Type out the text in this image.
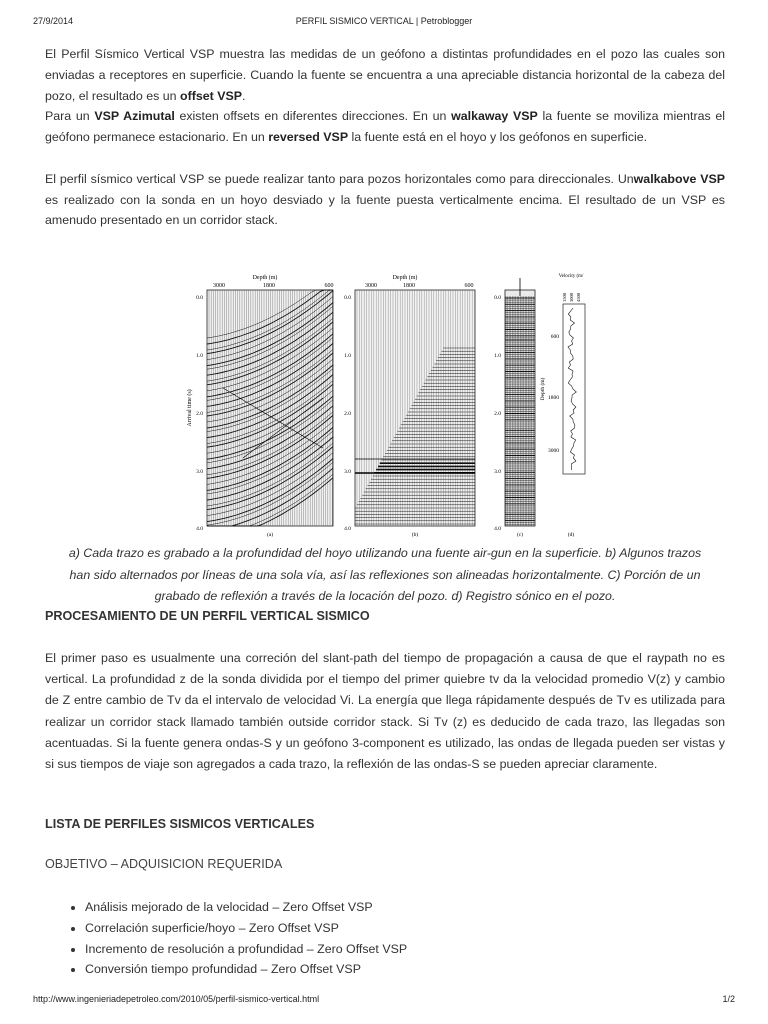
27/9/2014	PERFIL SISMICO VERTICAL | Petroblogger

El Perfil Sísmico Vertical VSP muestra las medidas de un geófono a distintas profundidades en el pozo las cuales son enviadas a receptores en superficie. Cuando la fuente se encuentra a una apreciable distancia horizontal de la cabeza del pozo, el resultado es un offset VSP.

Para un VSP Azimutal existen offsets en diferentes direcciones. En un walkaway VSP la fuente se moviliza mientras el geófono permanece estacionario. En un reversed VSP la fuente está en el hoyo y los geófonos en superficie.

El perfil sísmico vertical VSP se puede realizar tanto para pozos horizontales como para direccionales. Unwalkabove VSP es realizado con la sonda en un hoyo desviado y la fuente puesta verticalmente encima. El resultado de un VSP es amenudo presentado en un corridor stack.

Depth (m)
3000	1800	600
0.0
1.0
2.0
3.0
4.0
Arrival time (s)
(a)
Depth (m)
3000	1800	600
0.0
1.0
2.0
3.0
4.0
(b)
0.0
1.0
2.0
3.0
4.0
(c)
Velocity (m/
1500 3000 4500
600
1800
3000
Depth (m)
(d)
a) Cada trazo es grabado a la profundidad del hoyo utilizando una fuente air-gun en la superficie. b) Algunos trazos
han sido alternados por líneas de una sola vía, así las reflexiones son alineadas horizontalmente. C) Porción de un
grabado de reflexión a través de la locación del pozo. d) Registro sónico en el pozo.
PROCESAMIENTO DE UN PERFIL VERTICAL SISMICO
El primer paso es usualmente una correción del slant-path del tiempo de propagación a causa de que el raypath no es vertical. La profundidad z de la sonda dividida por el tiempo del primer quiebre tv da la velocidad promedio V(z) y cambio de Z entre cambio de Tv da el intervalo de velocidad Vi. La energía que llega rápidamente después de Tv es utilizada para realizar un corridor stack llamado también outside corridor stack. Si Tv (z) es deducido de cada trazo, las llegadas son acentuadas. Si la fuente genera ondas-S y un geófono 3-component es utilizado, las ondas de llegada pueden ser vistas y si sus tiempos de viaje son agregados a cada trazo, la reflexión de las ondas-S se pueden apreciar claramente.
LISTA DE PERFILES SISMICOS VERTICALES
OBJETIVO – ADQUISICION REQUERIDA
• Análisis mejorado de la velocidad – Zero Offset VSP
• Correlación superficie/hoyo – Zero Offset VSP
• Incremento de resolución a profundidad – Zero Offset VSP
• Conversión tiempo profundidad – Zero Offset VSP
http://www.ingenieriadepetroleo.com/2010/05/perfil-sismico-vertical.html	1/2
